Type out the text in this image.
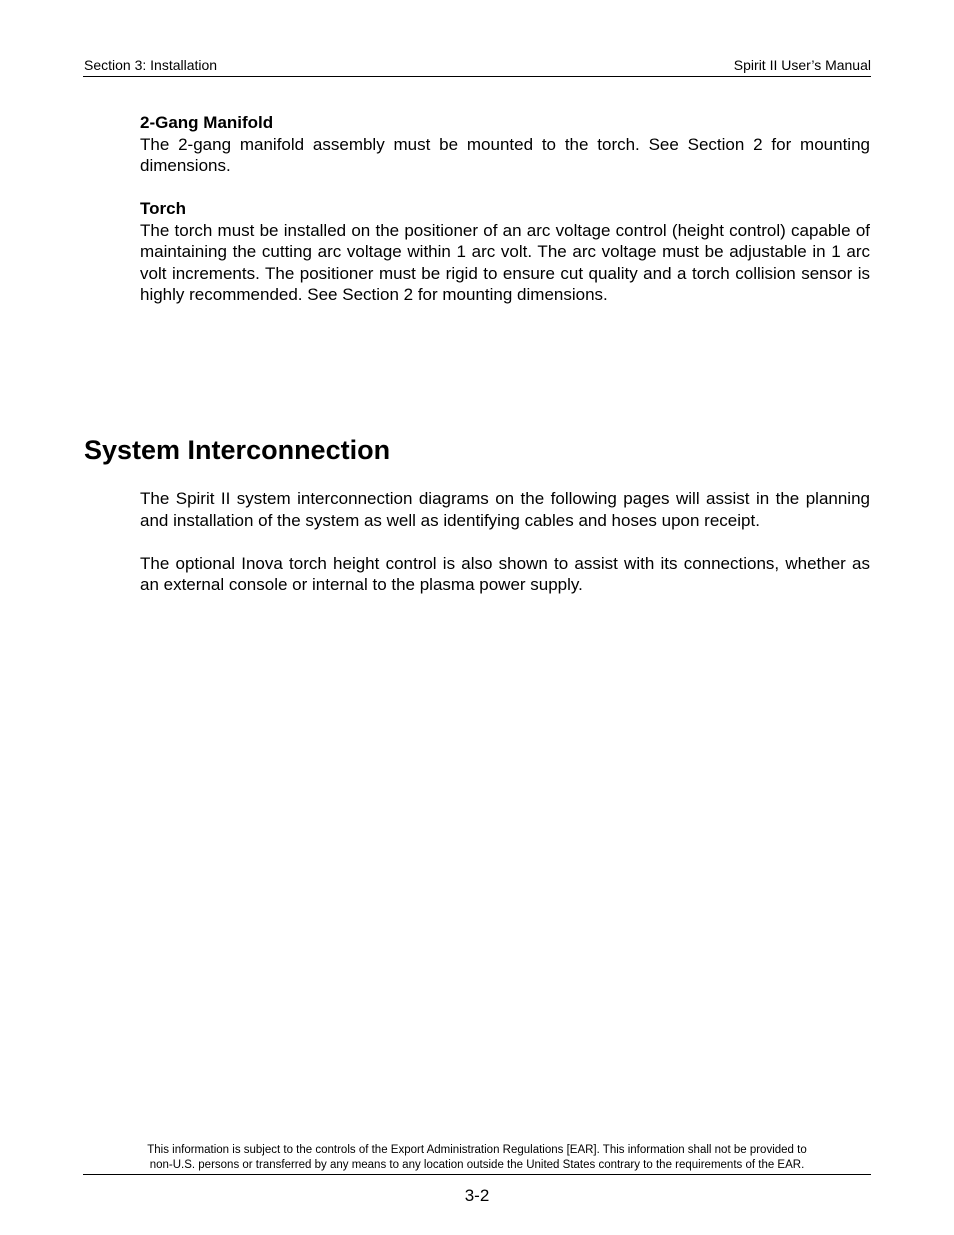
Section 3: Installation	Spirit II User’s Manual
2-Gang Manifold

The 2-gang manifold assembly must be mounted to the torch. See Section 2 for mounting dimensions.

Torch

The torch must be installed on the positioner of an arc voltage control (height control) capable of maintaining the cutting arc voltage within 1 arc volt. The arc voltage must be adjustable in 1 arc volt increments. The positioner must be rigid to ensure cut quality and a torch collision sensor is highly recommended. See Section 2 for mounting dimensions.

System Interconnection

The Spirit II system interconnection diagrams on the following pages will assist in the planning and installation of the system as well as identifying cables and hoses upon receipt.

The optional Inova torch height control is also shown to assist with its connections, whether as an external console or internal to the plasma power supply.

This information is subject to the controls of the Export Administration Regulations [EAR]. This information shall not be provided to
non-U.S. persons or transferred by any means to any location outside the United States contrary to the requirements of the EAR.
3-2
